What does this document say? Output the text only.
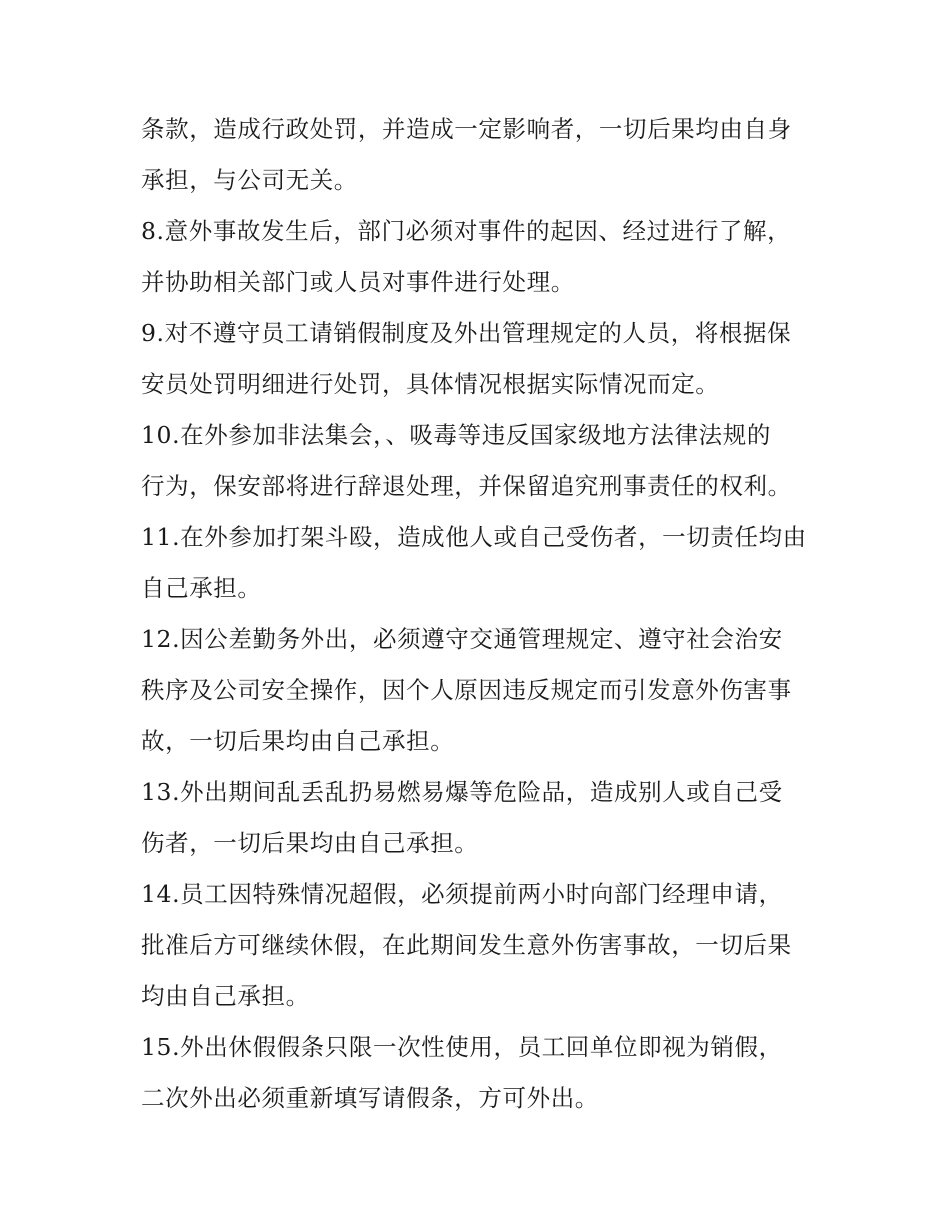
条款，造成行政处罚，并造成一定影响者，一切后果均由自身
承担，与公司无关。
8.意外事故发生后，部门必须对事件的起因、经过进行了解，
并协助相关部门或人员对事件进行处理。
9.对不遵守员工请销假制度及外出管理规定的人员，将根据保
安员处罚明细进行处罚，具体情况根据实际情况而定。
10.在外参加非法集会，、吸毒等违反国家级地方法律法规的
行为，保安部将进行辞退处理，并保留追究刑事责任的权利。
11.在外参加打架斗殴，造成他人或自己受伤者，一切责任均由
自己承担。
12.因公差勤务外出，必须遵守交通管理规定、遵守社会治安
秩序及公司安全操作，因个人原因违反规定而引发意外伤害事
故，一切后果均由自己承担。
13.外出期间乱丢乱扔易燃易爆等危险品，造成别人或自己受
伤者，一切后果均由自己承担。
14.员工因特殊情况超假，必须提前两小时向部门经理申请，
批准后方可继续休假，在此期间发生意外伤害事故，一切后果
均由自己承担。
15.外出休假假条只限一次性使用，员工回单位即视为销假，
二次外出必须重新填写请假条，方可外出。
